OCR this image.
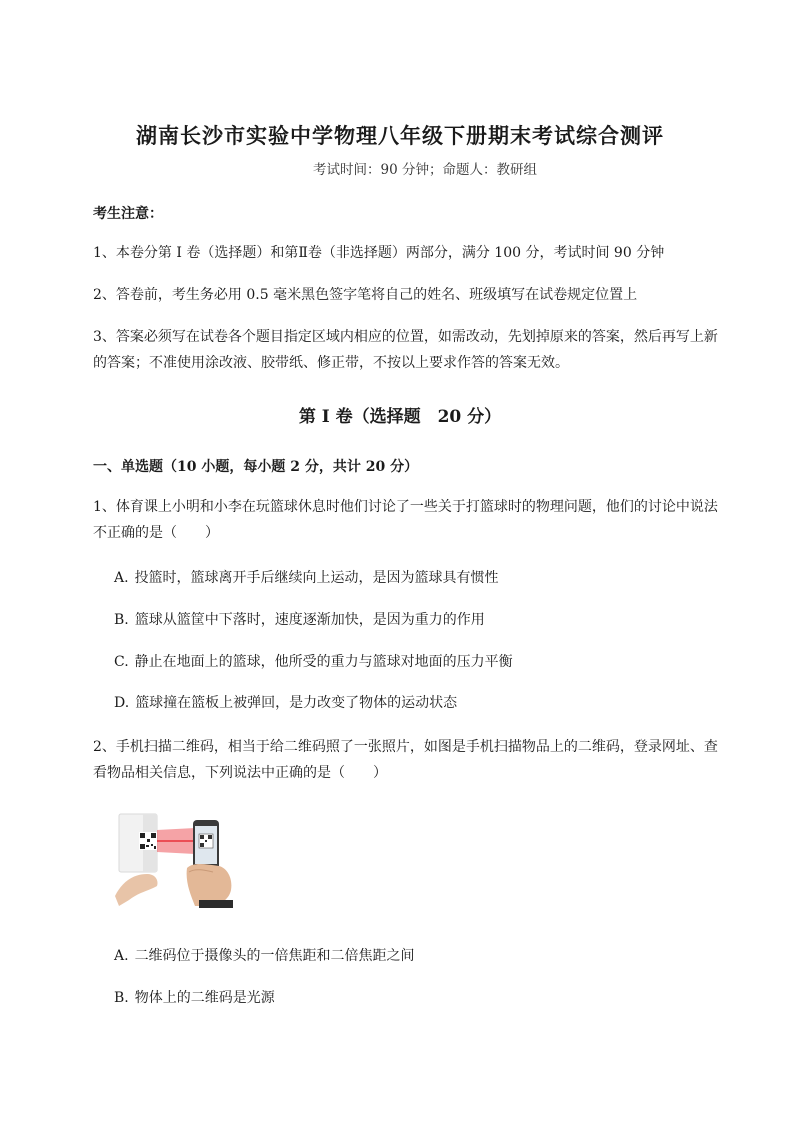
湖南长沙市实验中学物理八年级下册期末考试综合测评
考试时间：90 分钟；命题人：教研组
考生注意：
1、本卷分第 I 卷（选择题）和第Ⅱ卷（非选择题）两部分，满分 100 分，考试时间 90 分钟
2、答卷前，考生务必用 0.5 毫米黑色签字笔将自己的姓名、班级填写在试卷规定位置上
3、答案必须写在试卷各个题目指定区域内相应的位置，如需改动，先划掉原来的答案，然后再写上新
的答案；不准使用涂改液、胶带纸、修正带，不按以上要求作答的答案无效。
第 I 卷（选择题　20 分）
一、单选题（10 小题，每小题 2 分，共计 20 分）
1、体育课上小明和小李在玩篮球休息时他们讨论了一些关于打篮球时的物理问题，他们的讨论中说法
不正确的是（　　）
A. 投篮时，篮球离开手后继续向上运动，是因为篮球具有惯性
B. 篮球从篮筐中下落时，速度逐渐加快，是因为重力的作用
C. 静止在地面上的篮球，他所受的重力与篮球对地面的压力平衡
D. 篮球撞在篮板上被弹回，是力改变了物体的运动状态
2、手机扫描二维码，相当于给二维码照了一张照片，如图是手机扫描物品上的二维码，登录网址、查
看物品相关信息，下列说法中正确的是（　　）
A. 二维码位于摄像头的一倍焦距和二倍焦距之间
B. 物体上的二维码是光源
